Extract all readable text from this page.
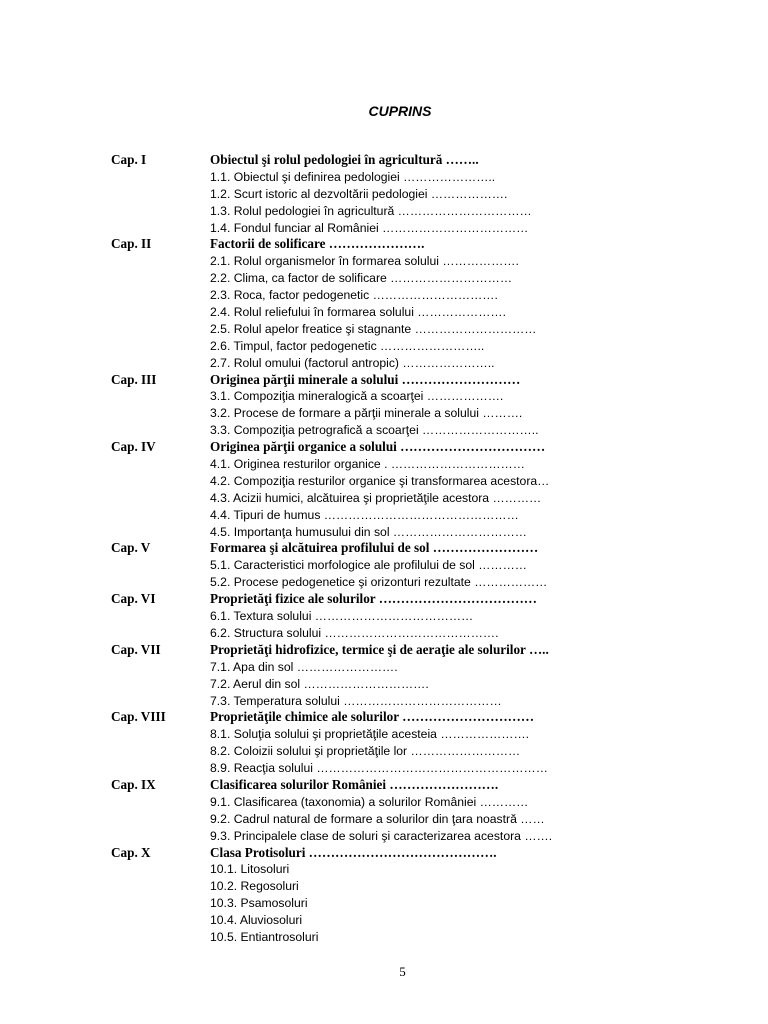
CUPRINS
Cap. I	Obiectul şi rolul pedologiei în agricultură ……..
1.1. Obiectul şi definirea pedologiei …………………..
1.2. Scurt istoric al dezvoltării pedologiei ……………….
1.3. Rolul pedologiei în agricultură ……………………………
1.4. Fondul funciar al României ………………………………
Cap. II	Factorii de solificare ………………….
2.1. Rolul organismelor în formarea solului ……………….
2.2. Clima, ca factor de solificare …………………………
2.3. Roca, factor pedogenetic ………………………….
2.4. Rolul reliefului în formarea solului ………………….
2.5. Rolul apelor freatice şi stagnante …………………………
2.6. Timpul, factor pedogenetic ……………………..
2.7. Rolul omului (factorul antropic) …………………..
Cap. III	Originea părţii minerale a solului ………………………
3.1. Compoziţia mineralogică a scoarţei ……………….
3.2. Procese de formare a părţii minerale a solului ……….
3.3. Compoziţia petrografică a scoarţei ………………………..
Cap. IV	Originea părţii organice a solului ……………………………
4.1. Originea resturilor organice . ……………………………
4.2. Compoziţia resturilor organice şi transformarea acestora…
4.3. Acizii humici, alcătuirea şi proprietăţile acestora …………
4.4. Tipuri de humus …………………………………………
4.5. Importanţa humusului din sol ……………………………
Cap. V	Formarea şi alcătuirea profilului de sol ……………………
5.1. Caracteristici morfologice ale profilului de sol …………
5.2. Procese pedogenetice şi orizonturi rezultate ………………
Cap. VI	Proprietăţi fizice ale solurilor ………………………………
6.1. Textura solului …………………………………
6.2. Structura solului …………………………………….
Cap. VII	Proprietăţi hidrofizice, termice şi de aeraţie ale solurilor …..
7.1. Apa din sol …………………….
7.2. Aerul din sol ………………………….
7.3. Temperatura solului …………………………………
Cap. VIII	Proprietăţile chimice ale solurilor …………………………
8.1. Soluţia solului şi proprietăţile acesteia ………………….
8.2. Coloizii solului şi proprietăţile lor ………………………
8.9. Reacţia solului …………………………………………………
Cap. IX	Clasificarea solurilor României …………………….
9.1. Clasificarea (taxonomia) a solurilor României …………
9.2. Cadrul natural de formare a solurilor din ţara noastră ……
9.3. Principalele clase de soluri şi caracterizarea acestora …….
Cap. X	Clasa Protisoluri …………………………………….
10.1. Litosoluri
10.2. Regosoluri
10.3. Psamosoluri
10.4. Aluviosoluri
10.5. Entiantrosoluri
5
